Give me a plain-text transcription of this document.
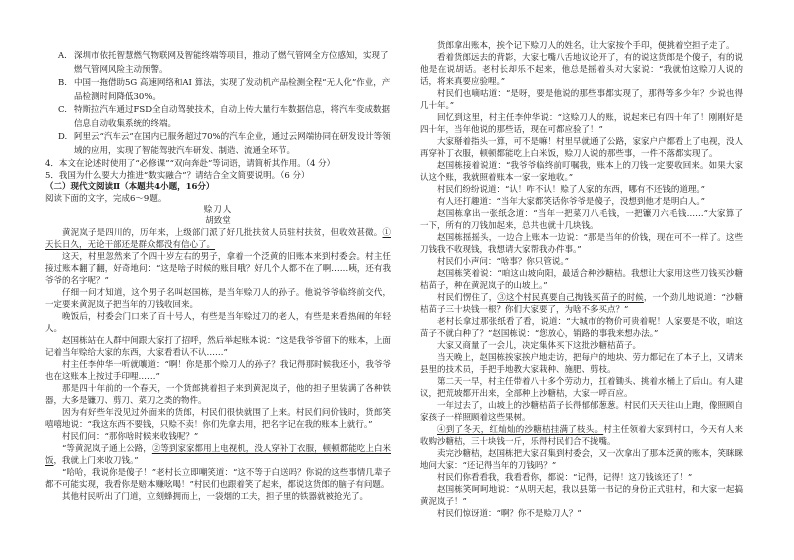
A. 深圳市依托智慧燃气物联网及智能终端等项目，推动了燃气管网全方位感知，实现了燃气管网风险主动预警。
B. 中国一拖借助5G 高速网络和AI 算法，实现了发动机产品检测全程“无人化”作业，产品检测时间降低30%。
C. 特斯拉汽车通过FSD全自动驾驶技术，自动上传大量行车数据信息，将汽车变成数据信息自动收集系统的终端。
D. 阿里云“汽车云”在国内已服务超过70%的汽车企业，通过云网端协同在研发设计等领域的应用，实现了智能驾驶汽车研发、制造、流通全环节。

4．本文在论述时使用了“必修课”“双向奔赴”等词语，请简析其作用。（4 分）

5．我国为什么要大力推进“数实融合”？请结合全文简要说明。（6 分）

（二）现代文阅读Ⅱ（本题共4小题，16分）

阅读下面的文字，完成6～9题。

赊刀人

胡致堂

黄泥岚子是四川的，历年来，上级部门派了好几批扶贫人员驻村扶贫，但收效甚微。①天长日久，无论干部还是群众都没有信心了。

这天，村里忽然来了个四十岁左右的男子，拿着一个泛黄的旧账本来到村委会。村主任接过账本翻了翻，好奇地问：“这是啥子时候的账目哦？好几个人都不在了啊……咦，还有我爷爷的名字呢？”

仔细一问才知道，这个男子名叫赵国栋，是当年赊刀人的孙子。他说爷爷临终前交代，一定要来黄泥岚子把当年的刀钱收回来。

晚饭后，村委会门口来了百十号人，有些是当年赊过刀的老人，有些是来看热闹的年轻人。

赵国栋站在人群中间跟大家打了招呼，然后举起账本说：“这是我爷爷留下的账本，上面记着当年赊给大家的东西，大家看看认不认……”

村主任李仲华一听就嚷道：“啊！你是那个赊刀人的孙子？我记得那时候我还小，我爷爷也在这账本上按过手印哩……”

那是四十年前的一个春天，一个货郎挑着担子来到黄泥岚子，他的担子里装满了各种铁器，大多是镰刀、剪刀、菜刀之类的物件。

因为有好些年没见过外面来的货郎，村民们很快就围了上来。村民们问价钱时，货郎笑嘻嘻地说：“我这东西不要钱，只赊不卖！你们先拿去用，把名字记在我的账本上就行。”

村民们问：“那你啥时候来收钱呢？”

“等黄泥岚子通上公路，②等到家家都用上电视机，没人穿补丁衣服，顿顿都能吃上白米饭，我就上门来收刀钱。”

“哈哈，我说你是傻子！”老村长立即嘲笑道：“这不等于白送吗？你说的这些事情几辈子都不可能实现，我看你是赔本赚吆喝！”村民们也跟着笑了起来，都说这货郎的脑子有问题。

其他村民听出了门道，立刻蜂拥而上，一袋烟的工夫，担子里的铁器就被抢光了。

货郎拿出账本，挨个记下赊刀人的姓名，让大家按个手印，便挑着空担子走了。

看着货郎远去的背影，大家七嘴八舌地议论开了，有的说这货郎是个傻子，有的说他是在说胡话。老村长却乐不起来，他总是摇着头对大家说：“我就怕这赊刀人说的话，将来真要应验哩。”

村民们也嘀咕道：“是呀，要是他说的那些事都实现了，那得等多少年？少说也得几十年。”

回忆到这里，村主任李仲华说：“这赊刀人的账，说起来已有四十年了！刚刚好是四十年，当年他说的那些话，现在可都应验了！”

大家掰着指头一算，可不是嘛！村里早就通了公路，家家户户都看上了电视，没人再穿补丁衣服，顿顿都能吃上白米饭，赊刀人说的那些事，一件不落都实现了。

赵国栋接着说道：“我爷爷临终前叮嘱我，账本上的刀钱一定要收回来。如果大家认这个账，我就照着账本一家一家地收。”

村民们纷纷说道：“认！咋不认！赊了人家的东西，哪有不还钱的道理。”

有人还打趣道：“当年大家都笑话你爷爷是傻子，没想到他才是明白人。”

赵国栋拿出一张纸念道：“当年一把菜刀八毛钱，一把镰刀六毛钱……”大家算了一下，所有的刀钱加起来，总共也就十几块钱。

赵国栋摇摇头，一边合上账本一边说：“那是当年的价钱，现在可不一样了。这些刀钱我不收现钱，我想请大家帮我办件事。”

村民们小声问：“啥事？你只管说。”

赵国栋笑着说：“咱这山坡向阳，最适合种沙糖桔。我想让大家用这些刀钱买沙糖桔苗子，种在黄泥岚子的山坡上。”

村民们愣住了，③这个村民真要自己掏钱买苗子的时候，一个劲儿地说道：“沙糖桔苗子三十块钱一根？你们大家要了，为啥不多买点？”

老村长拿过那张纸看了看，说道：“大城市的物价可贵着呢！人家要是不收，咱这苗子不就白种了？”赵国栋说：“您放心，销路的事我来想办法。”

大家又商量了一会儿，决定集体买下这批沙糖桔苗子。

当天晚上，赵国栋挨家挨户地走访，把每户的地块、劳力都记在了本子上，又请来县里的技术员，手把手地教大家栽种、施肥、剪枝。

第二天一早，村主任带着八十多个劳动力，扛着锄头、挑着水桶上了后山。有人建议，把荒坡都开出来，全部种上沙糖桔，大家一呼百应。

一年过去了，山坡上的沙糖桔苗子长得郁郁葱葱。村民们天天往山上跑，像照顾自家孩子一样照顾着这些果树。

④到了冬天，红灿灿的沙糖桔挂满了枝头。村主任领着大家到村口，今天有人来收购沙糖桔，三十块钱一斤，乐得村民们合不拢嘴。

卖完沙糖桔，赵国栋把大家召集到村委会，又一次拿出了那本泛黄的账本，笑眯眯地问大家：“还记得当年的刀钱吗？”

村民们你看看我，我看看你，都说：“记得，记得！这刀钱该还了！”

赵国栋笑呵呵地说：“从明天起，我以县第一书记的身份正式驻村，和大家一起搞黄泥岚子！”

村民们惊讶道：“啊？你不是赊刀人？”
